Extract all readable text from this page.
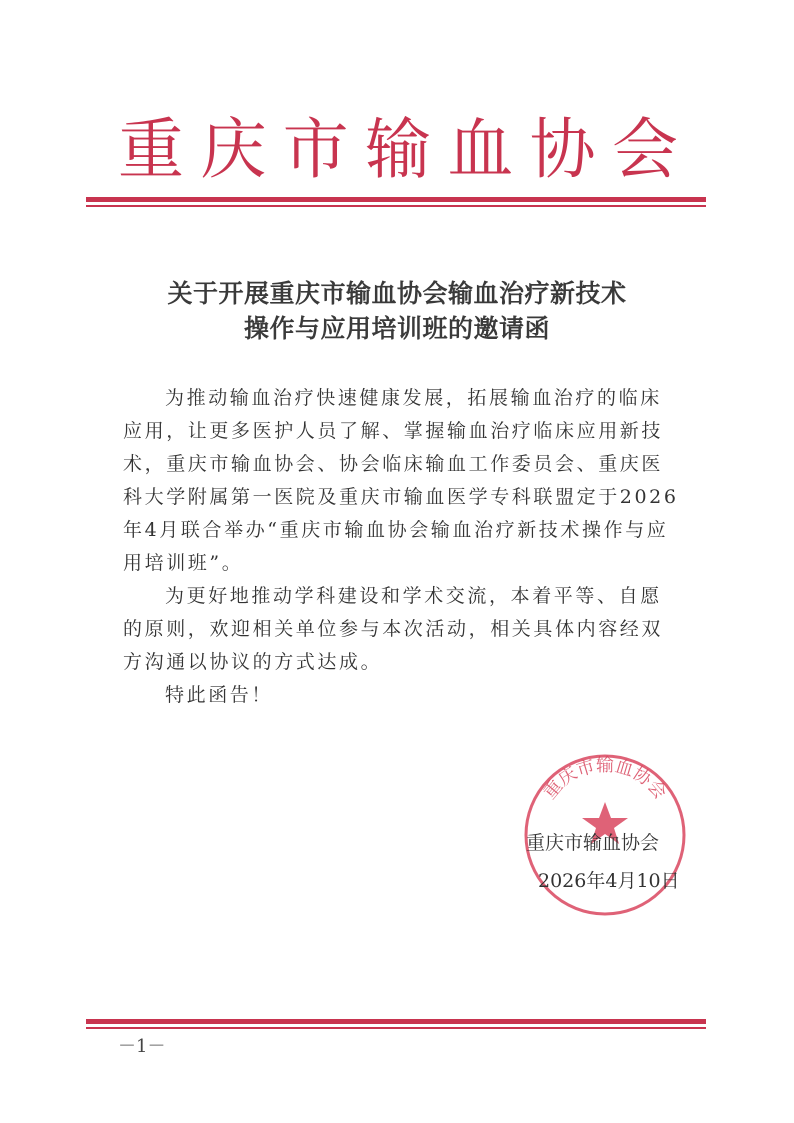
重 庆 市 输 血 协 会
关于开展重庆市输血协会输血治疗新技术
操作与应用培训班的邀请函

为推动输血治疗快速健康发展，拓展输血治疗的临床
应用，让更多医护人员了解、掌握输血治疗临床应用新技
术，重庆市输血协会、协会临床输血工作委员会、重庆医
科大学附属第一医院及重庆市输血医学专科联盟定于2026
年4月联合举办“重庆市输血协会输血治疗新技术操作与应
用培训班”。

为更好地推动学科建设和学术交流，本着平等、自愿
的原则，欢迎相关单位参与本次活动，相关具体内容经双
方沟通以协议的方式达成。

特此函告！

重庆市输血协会
重庆市输血协会
2026年4月10日
－1－
